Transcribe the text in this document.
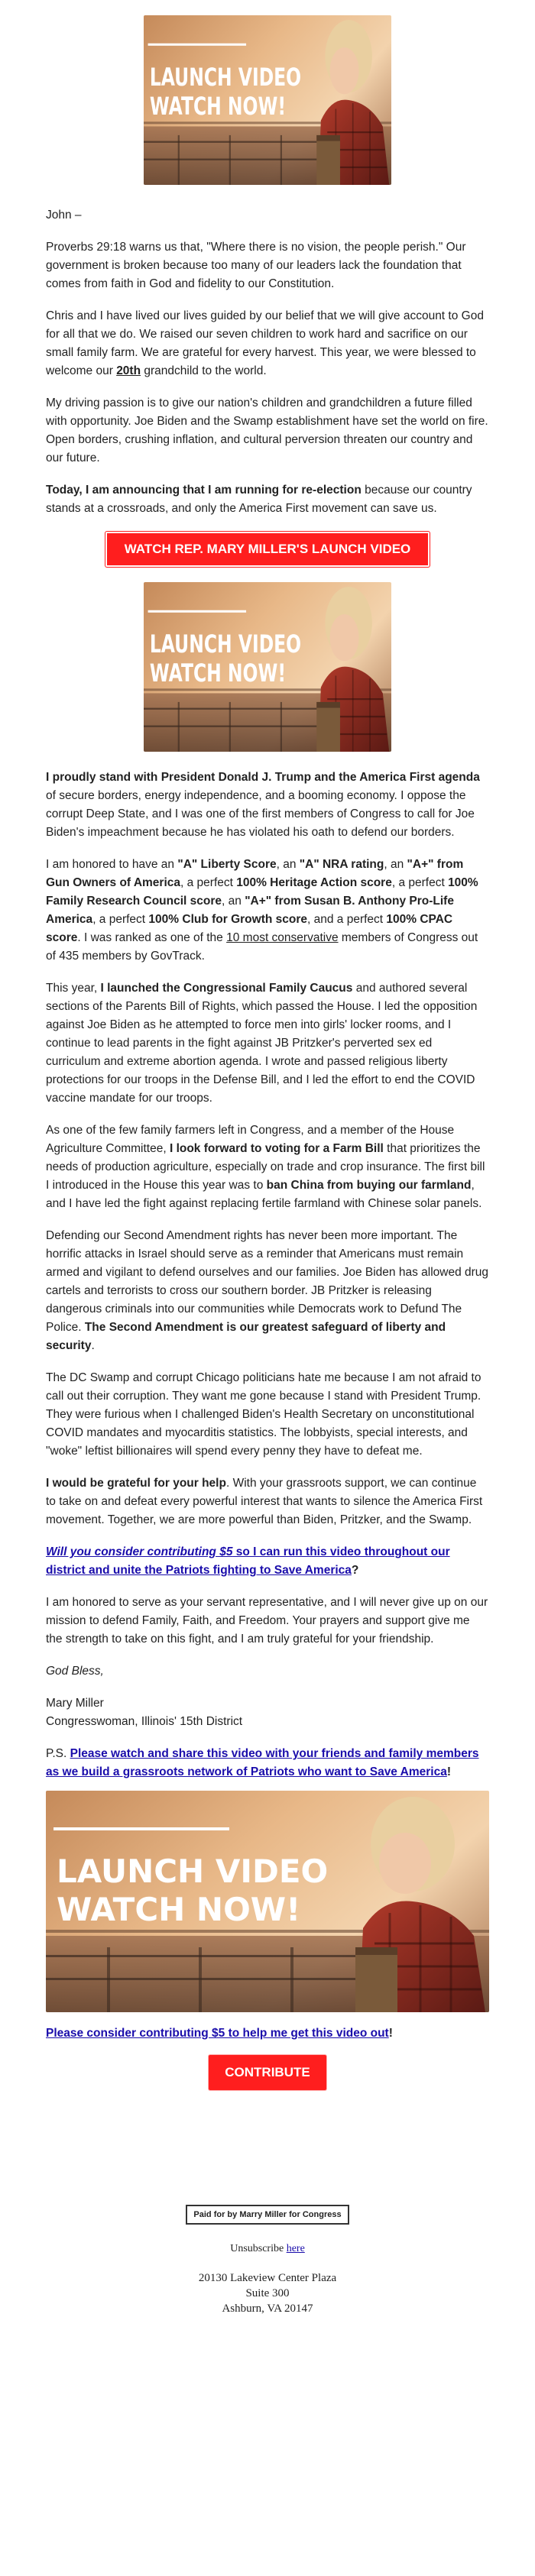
LAUNCH VIDEO
WATCH NOW!

John –

Proverbs 29:18 warns us that, "Where there is no vision, the people perish." Our government is broken because too many of our leaders lack the foundation that comes from faith in God and fidelity to our Constitution.

Chris and I have lived our lives guided by our belief that we will give account to God for all that we do. We raised our seven children to work hard and sacrifice on our small family farm. We are grateful for every harvest. This year, we were blessed to welcome our 20th grandchild to the world.

My driving passion is to give our nation's children and grandchildren a future filled with opportunity. Joe Biden and the Swamp establishment have set the world on fire. Open borders, crushing inflation, and cultural perversion threaten our country and our future.

Today, I am announcing that I am running for re-election because our country stands at a crossroads, and only the America First movement can save us.

WATCH REP. MARY MILLER'S LAUNCH VIDEO
LAUNCH VIDEO
WATCH NOW!

I proudly stand with President Donald J. Trump and the America First agenda of secure borders, energy independence, and a booming economy. I oppose the corrupt Deep State, and I was one of the first members of Congress to call for Joe Biden's impeachment because he has violated his oath to defend our borders.

I am honored to have an "A" Liberty Score, an "A" NRA rating, an "A+" from Gun Owners of America, a perfect 100% Heritage Action score, a perfect 100% Family Research Council score, an "A+" from Susan B. Anthony Pro-Life America, a perfect 100% Club for Growth score, and a perfect 100% CPAC score. I was ranked as one of the 10 most conservative members of Congress out of 435 members by GovTrack.

This year, I launched the Congressional Family Caucus and authored several sections of the Parents Bill of Rights, which passed the House. I led the opposition against Joe Biden as he attempted to force men into girls' locker rooms, and I continue to lead parents in the fight against JB Pritzker's perverted sex ed curriculum and extreme abortion agenda. I wrote and passed religious liberty protections for our troops in the Defense Bill, and I led the effort to end the COVID vaccine mandate for our troops.

As one of the few family farmers left in Congress, and a member of the House Agriculture Committee, I look forward to voting for a Farm Bill that prioritizes the needs of production agriculture, especially on trade and crop insurance. The first bill I introduced in the House this year was to ban China from buying our farmland, and I have led the fight against replacing fertile farmland with Chinese solar panels.

Defending our Second Amendment rights has never been more important. The horrific attacks in Israel should serve as a reminder that Americans must remain armed and vigilant to defend ourselves and our families. Joe Biden has allowed drug cartels and terrorists to cross our southern border. JB Pritzker is releasing dangerous criminals into our communities while Democrats work to Defund The Police. The Second Amendment is our greatest safeguard of liberty and security.

The DC Swamp and corrupt Chicago politicians hate me because I am not afraid to call out their corruption. They want me gone because I stand with President Trump. They were furious when I challenged Biden's Health Secretary on unconstitutional COVID mandates and myocarditis statistics. The lobbyists, special interests, and "woke" leftist billionaires will spend every penny they have to defeat me.

I would be grateful for your help. With your grassroots support, we can continue to take on and defeat every powerful interest that wants to silence the America First movement. Together, we are more powerful than Biden, Pritzker, and the Swamp.

Will you consider contributing $5 so I can run this video throughout our district and unite the Patriots fighting to Save America?

I am honored to serve as your servant representative, and I will never give up on our mission to defend Family, Faith, and Freedom. Your prayers and support give me the strength to take on this fight, and I am truly grateful for your friendship.

God Bless,

Mary Miller
Congresswoman, Illinois' 15th District

P.S. Please watch and share this video with your friends and family members as we build a grassroots network of Patriots who want to Save America!

LAUNCH VIDEO
WATCH NOW!

Please consider contributing $5 to help me get this video out!

CONTRIBUTE
Paid for by Marry Miller for Congress
Unsubscribe here
20130 Lakeview Center Plaza
Suite 300
Ashburn, VA 20147
